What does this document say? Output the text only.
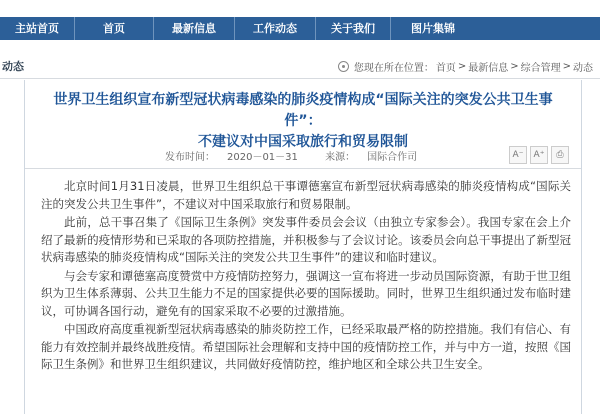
主站首页	首页	最新信息	工作动态	关于我们	图片集锦
动态	您现在所在位置： 首页 > 最新信息 > 综合管理 > 动态
世界卫生组织宣布新型冠状病毒感染的肺炎疫情构成“国际关注的突发公共卫生事件”：
不建议对中国采取旅行和贸易限制
发布时间： 2020－01－31	来源： 国际合作司	A⁻	A⁺	⎙

北京时间1月31日凌晨，世界卫生组织总干事谭德塞宣布新型冠状病毒感染的肺炎疫情构成“国际关注的突发公共卫生事件”，不建议对中国采取旅行和贸易限制。

此前，总干事召集了《国际卫生条例》突发事件委员会会议（由独立专家参会）。我国专家在会上介绍了最新的疫情形势和已采取的各项防控措施，并积极参与了会议讨论。该委员会向总干事提出了新型冠状病毒感染的肺炎疫情构成“国际关注的突发公共卫生事件”的建议和临时建议。

与会专家和谭德塞高度赞赏中方疫情防控努力，强调这一宣布将进一步动员国际资源，有助于世卫组织为卫生体系薄弱、公共卫生能力不足的国家提供必要的国际援助。同时，世界卫生组织通过发布临时建议，可协调各国行动，避免有的国家采取不必要的过激措施。

中国政府高度重视新型冠状病毒感染的肺炎防控工作，已经采取最严格的防控措施。我们有信心、有能力有效控制并最终战胜疫情。希望国际社会理解和支持中国的疫情防控工作，并与中方一道，按照《国际卫生条例》和世界卫生组织建议，共同做好疫情防控，维护地区和全球公共卫生安全。
